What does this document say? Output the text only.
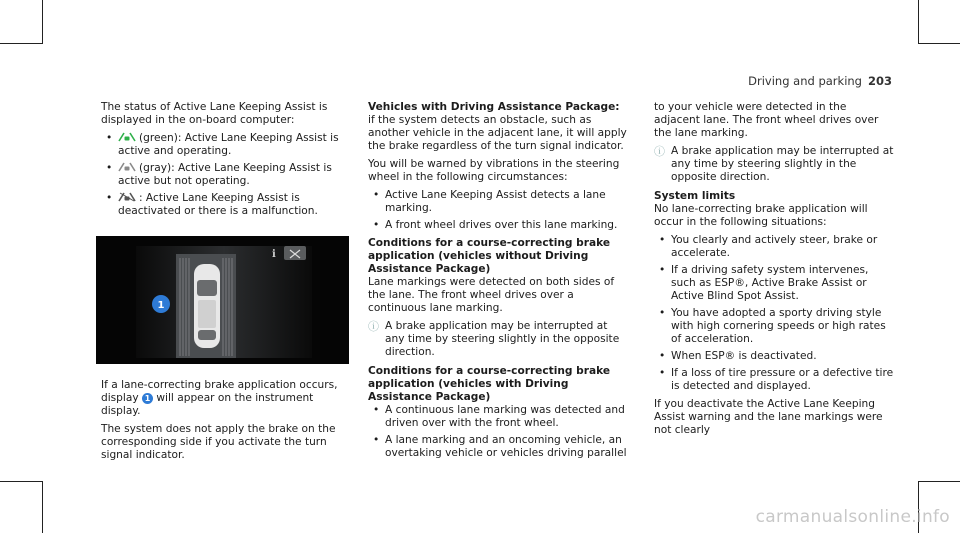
Driving and parking 203

The status of Active Lane Keeping Assist is displayed in the on-board computer:

•	(green): Active Lane Keeping Assist is active and operating.
•	(gray): Active Lane Keeping Assist is active but not operating.
•	: Active Lane Keeping Assist is deactivated or there is a malfunction.
i
1

If a lane-correcting brake application occurs, display 1 will appear on the instrument display.

The system does not apply the brake on the corresponding side if you activate the turn signal indicator.

Vehicles with Driving Assistance Package: if the system detects an obstacle, such as another vehicle in the adjacent lane, it will apply the brake regardless of the turn signal indicator.

You will be warned by vibrations in the steering wheel in the following circumstances:

• Active Lane Keeping Assist detects a lane marking.
• A front wheel drives over this lane marking.

Conditions for a course-correcting brake application (vehicles without Driving Assistance Package)

Lane markings were detected on both sides of the lane. The front wheel drives over a continuous lane marking.

ⓘ A brake application may be interrupted at any time by steering slightly in the opposite direction.

Conditions for a course-correcting brake application (vehicles with Driving Assistance Package)

• A continuous lane marking was detected and driven over with the front wheel.
• A lane marking and an oncoming vehicle, an overtaking vehicle or vehicles driving parallel

to your vehicle were detected in the adjacent lane. The front wheel drives over the lane marking.

ⓘ A brake application may be interrupted at any time by steering slightly in the opposite direction.

System limits

No lane-correcting brake application will occur in the following situations:

• You clearly and actively steer, brake or accelerate.
• If a driving safety system intervenes, such as ESP®, Active Brake Assist or Active Blind Spot Assist.
• You have adopted a sporty driving style with high cornering speeds or high rates of acceleration.
• When ESP® is deactivated.
• If a loss of tire pressure or a defective tire is detected and displayed.

If you deactivate the Active Lane Keeping Assist warning and the lane markings were not clearly

carmanualsonline.info
